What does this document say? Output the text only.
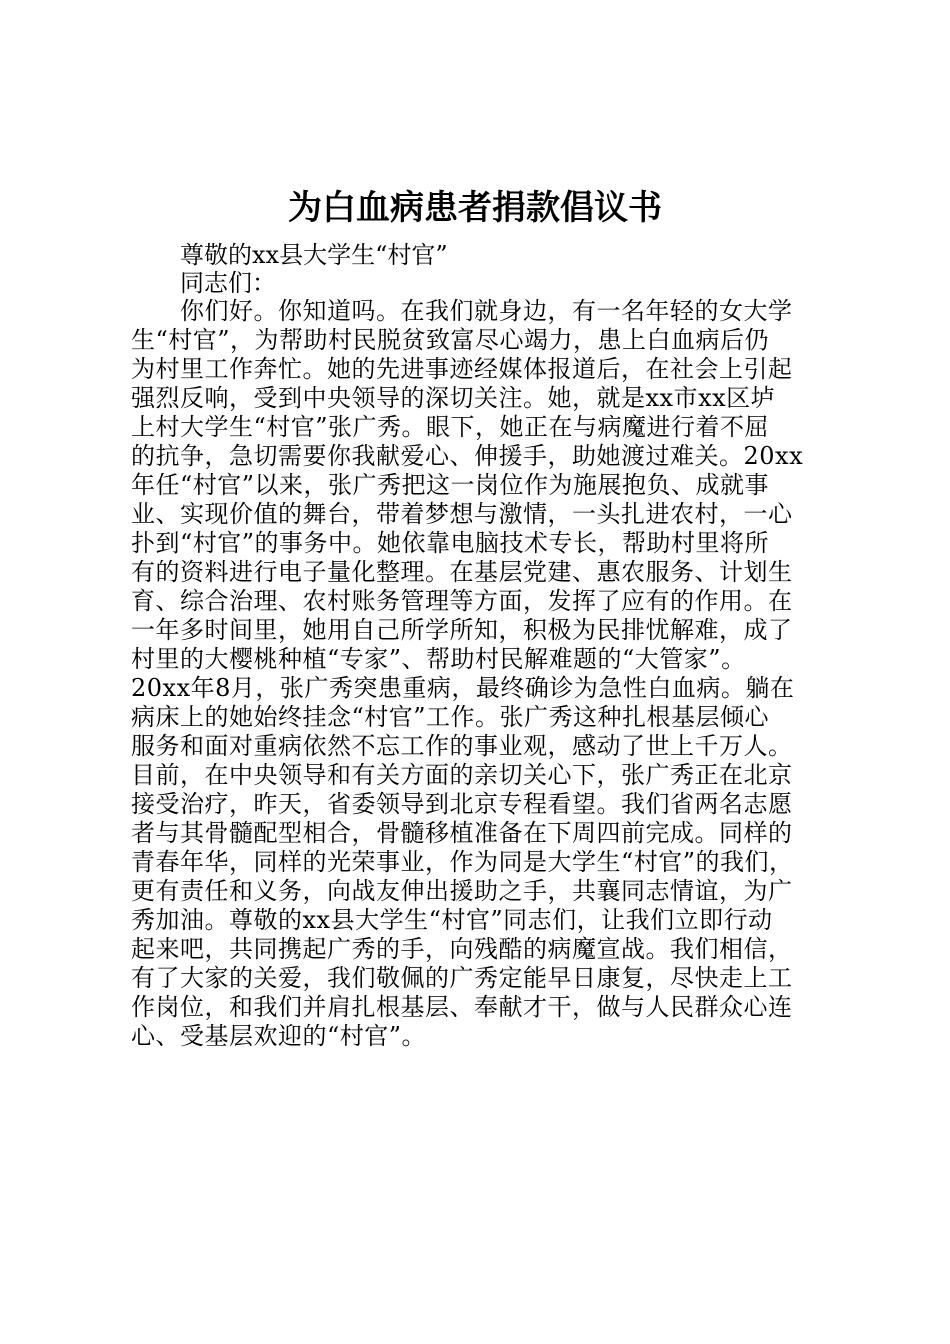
为白血病患者捐款倡议书

尊敬的xx县大学生“村官”

同志们：

你们好。你知道吗。在我们就身边，有一名年轻的女大学
生“村官”，为帮助村民脱贫致富尽心竭力，患上白血病后仍
为村里工作奔忙。她的先进事迹经媒体报道后，在社会上引起
强烈反响，受到中央领导的深切关注。她，就是xx市xx区垆
上村大学生“村官”张广秀。眼下，她正在与病魔进行着不屈
的抗争，急切需要你我献爱心、伸援手，助她渡过难关。20xx
年任“村官”以来，张广秀把这一岗位作为施展抱负、成就事
业、实现价值的舞台，带着梦想与激情，一头扎进农村，一心
扑到“村官”的事务中。她依靠电脑技术专长，帮助村里将所
有的资料进行电子量化整理。在基层党建、惠农服务、计划生
育、综合治理、农村账务管理等方面，发挥了应有的作用。在
一年多时间里，她用自己所学所知，积极为民排忧解难，成了
村里的大樱桃种植“专家”、帮助村民解难题的“大管家”。
20xx年8月，张广秀突患重病，最终确诊为急性白血病。躺在
病床上的她始终挂念“村官”工作。张广秀这种扎根基层倾心
服务和面对重病依然不忘工作的事业观，感动了世上千万人。
目前，在中央领导和有关方面的亲切关心下，张广秀正在北京
接受治疗，昨天，省委领导到北京专程看望。我们省两名志愿
者与其骨髓配型相合，骨髓移植准备在下周四前完成。同样的
青春年华，同样的光荣事业，作为同是大学生“村官”的我们，
更有责任和义务，向战友伸出援助之手，共襄同志情谊，为广
秀加油。尊敬的xx县大学生“村官”同志们，让我们立即行动
起来吧，共同携起广秀的手，向残酷的病魔宣战。我们相信，
有了大家的关爱，我们敬佩的广秀定能早日康复，尽快走上工
作岗位，和我们并肩扎根基层、奉献才干，做与人民群众心连
心、受基层欢迎的“村官”。
